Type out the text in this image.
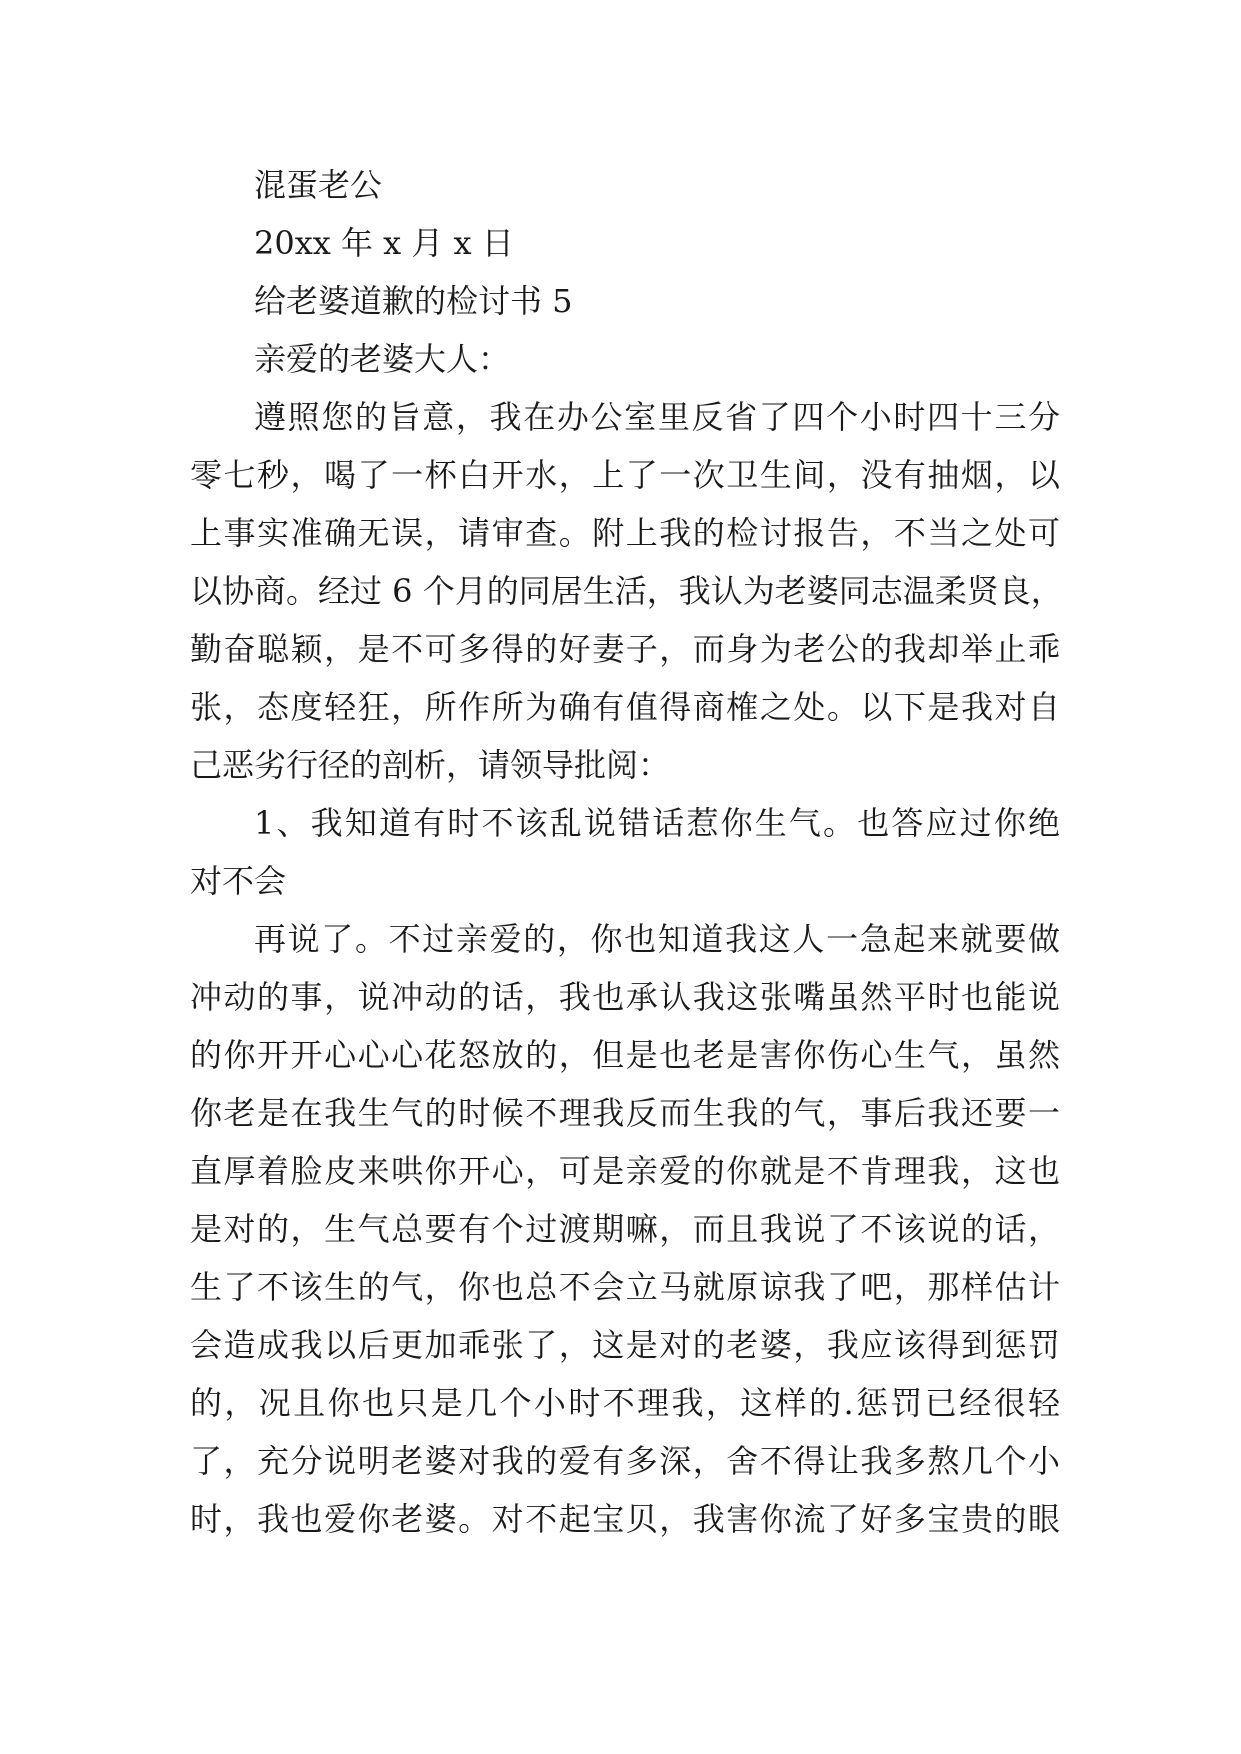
混蛋老公
20xx 年 x 月 x 日
给老婆道歉的检讨书 5
亲爱的老婆大人：
遵照您的旨意，我在办公室里反省了四个小时四十三分
零七秒，喝了一杯白开水，上了一次卫生间，没有抽烟，以
上事实准确无误，请审查。附上我的检讨报告，不当之处可
以协商。经过 6 个月的同居生活，我认为老婆同志温柔贤良，
勤奋聪颖，是不可多得的好妻子，而身为老公的我却举止乖
张，态度轻狂，所作所为确有值得商榷之处。以下是我对自
己恶劣行径的剖析，请领导批阅：
1、我知道有时不该乱说错话惹你生气。也答应过你绝
对不会
再说了。不过亲爱的，你也知道我这人一急起来就要做
冲动的事，说冲动的话，我也承认我这张嘴虽然平时也能说
的你开开心心心花怒放的，但是也老是害你伤心生气，虽然
你老是在我生气的时候不理我反而生我的气，事后我还要一
直厚着脸皮来哄你开心，可是亲爱的你就是不肯理我，这也
是对的，生气总要有个过渡期嘛，而且我说了不该说的话，
生了不该生的气，你也总不会立马就原谅我了吧，那样估计
会造成我以后更加乖张了，这是对的老婆，我应该得到惩罚
的，况且你也只是几个小时不理我，这样的.惩罚已经很轻
了，充分说明老婆对我的爱有多深，舍不得让我多熬几个小
时，我也爱你老婆。对不起宝贝，我害你流了好多宝贵的眼
